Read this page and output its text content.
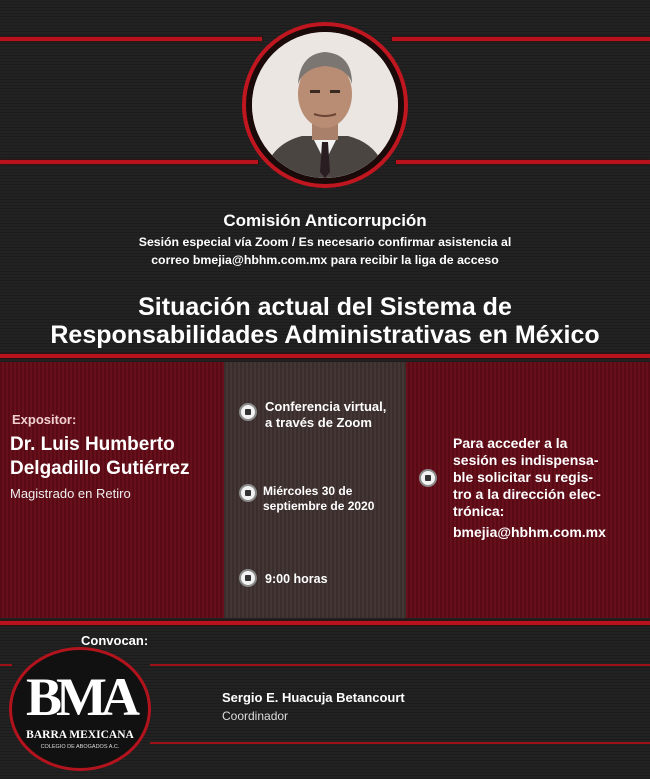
Comisión Anticorrupción
Sesión especial vía Zoom / Es necesario confirmar asistencia al
correo bmejia@hbhm.com.mx para recibir la liga de acceso
Situación actual del Sistema de
Responsabilidades Administrativas en México
Expositor:
Dr. Luis Humberto
Delgadillo Gutiérrez
Magistrado en Retiro
Conferencia virtual,
a través de Zoom
Miércoles 30 de
septiembre de 2020
9:00 horas
Para acceder a la
sesión es indispensa-
ble solicitar su regis-
tro a la dirección elec-
trónica:
bmejia@hbhm.com.mx
Convocan:
BMA
BARRA MEXICANA
COLEGIO DE ABOGADOS A.C.
Sergio E. Huacuja Betancourt
Coordinador
